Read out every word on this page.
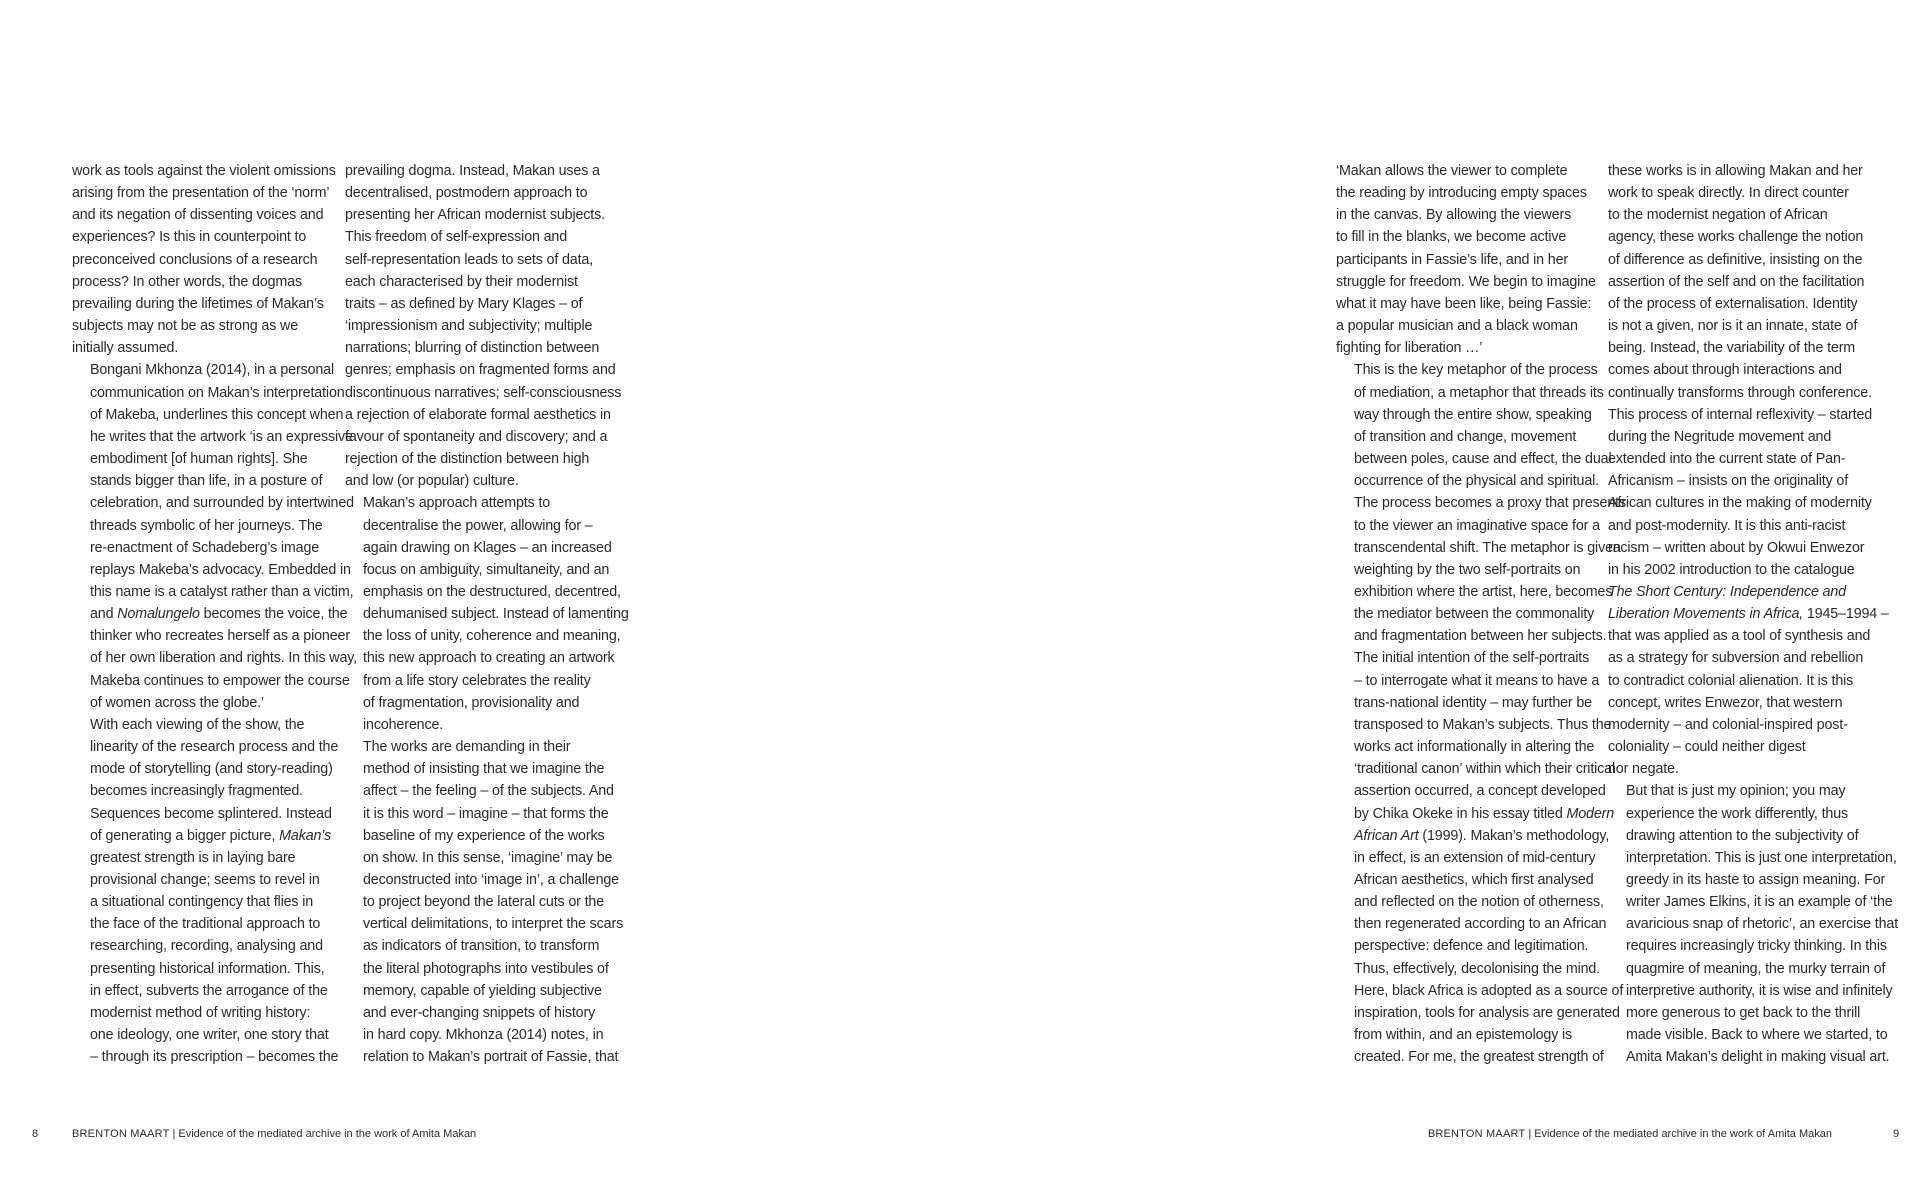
work as tools against the violent omissions
arising from the presentation of the ‘norm’
and its negation of dissenting voices and
experiences? Is this in counterpoint to
preconceived conclusions of a research
process? In other words, the dogmas
prevailing during the lifetimes of Makan’s
subjects may not be as strong as we
initially assumed.

Bongani Mkhonza (2014), in a personal
communication on Makan’s interpretation
of Makeba, underlines this concept when
he writes that the artwork ‘is an expressive
embodiment [of human rights]. She
stands bigger than life, in a posture of
celebration, and surrounded by intertwined
threads symbolic of her journeys. The
re-enactment of Schadeberg’s image
replays Makeba’s advocacy. Embedded in
this name is a catalyst rather than a victim,
and Nomalungelo becomes the voice, the
thinker who recreates herself as a pioneer
of her own liberation and rights. In this way,
Makeba continues to empower the course
of women across the globe.’

With each viewing of the show, the
linearity of the research process and the
mode of storytelling (and story-reading)
becomes increasingly fragmented.
Sequences become splintered. Instead
of generating a bigger picture, Makan’s
greatest strength is in laying bare
provisional change; seems to revel in
a situational contingency that flies in
the face of the traditional approach to
researching, recording, analysing and
presenting historical information. This,
in effect, subverts the arrogance of the
modernist method of writing history:
one ideology, one writer, one story that
– through its prescription – becomes the

prevailing dogma. Instead, Makan uses a
decentralised, postmodern approach to
presenting her African modernist subjects.
This freedom of self-expression and
self-representation leads to sets of data,
each characterised by their modernist
traits – as defined by Mary Klages – of
‘impressionism and subjectivity; multiple
narrations; blurring of distinction between
genres; emphasis on fragmented forms and
discontinuous narratives; self-consciousness
a rejection of elaborate formal aesthetics in
favour of spontaneity and discovery; and a
rejection of the distinction between high
and low (or popular) culture.

Makan’s approach attempts to
decentralise the power, allowing for –
again drawing on Klages – an increased
focus on ambiguity, simultaneity, and an
emphasis on the destructured, decentred,
dehumanised subject. Instead of lamenting
the loss of unity, coherence and meaning,
this new approach to creating an artwork
from a life story celebrates the reality
of fragmentation, provisionality and
incoherence.

The works are demanding in their
method of insisting that we imagine the
affect – the feeling – of the subjects. And
it is this word – imagine – that forms the
baseline of my experience of the works
on show. In this sense, ‘imagine’ may be
deconstructed into ‘image in’, a challenge
to project beyond the lateral cuts or the
vertical delimitations, to interpret the scars
as indicators of transition, to transform
the literal photographs into vestibules of
memory, capable of yielding subjective
and ever-changing snippets of history
in hard copy. Mkhonza (2014) notes, in
relation to Makan’s portrait of Fassie, that

‘Makan allows the viewer to complete
the reading by introducing empty spaces
in the canvas. By allowing the viewers
to fill in the blanks, we become active
participants in Fassie’s life, and in her
struggle for freedom. We begin to imagine
what it may have been like, being Fassie:
a popular musician and a black woman
fighting for liberation …’

This is the key metaphor of the process
of mediation, a metaphor that threads its
way through the entire show, speaking
of transition and change, movement
between poles, cause and effect, the dual
occurrence of the physical and spiritual.
The process becomes a proxy that presents
to the viewer an imaginative space for a
transcendental shift. The metaphor is given
weighting by the two self-portraits on
exhibition where the artist, here, becomes
the mediator between the commonality
and fragmentation between her subjects.

The initial intention of the self-portraits
– to interrogate what it means to have a
trans-national identity – may further be
transposed to Makan’s subjects. Thus the
works act informationally in altering the
‘traditional canon’ within which their critical
assertion occurred, a concept developed
by Chika Okeke in his essay titled Modern
African Art (1999). Makan’s methodology,
in effect, is an extension of mid-century
African aesthetics, which first analysed
and reflected on the notion of otherness,
then regenerated according to an African
perspective: defence and legitimation.
Thus, effectively, decolonising the mind.
Here, black Africa is adopted as a source of
inspiration, tools for analysis are generated
from within, and an epistemology is
created. For me, the greatest strength of

these works is in allowing Makan and her
work to speak directly. In direct counter
to the modernist negation of African
agency, these works challenge the notion
of difference as definitive, insisting on the
assertion of the self and on the facilitation
of the process of externalisation. Identity
is not a given, nor is it an innate, state of
being. Instead, the variability of the term
comes about through interactions and
continually transforms through conference.
This process of internal reflexivity – started
during the Negritude movement and
extended into the current state of Pan-
Africanism – insists on the originality of
African cultures in the making of modernity
and post-modernity. It is this anti-racist
racism – written about by Okwui Enwezor
in his 2002 introduction to the catalogue
The Short Century: Independence and
Liberation Movements in Africa, 1945–1994 –
that was applied as a tool of synthesis and
as a strategy for subversion and rebellion
to contradict colonial alienation. It is this
concept, writes Enwezor, that western
modernity – and colonial-inspired post-
coloniality – could neither digest
nor negate.

But that is just my opinion; you may
experience the work differently, thus
drawing attention to the subjectivity of
interpretation. This is just one interpretation,
greedy in its haste to assign meaning. For
writer James Elkins, it is an example of ‘the
avaricious snap of rhetoric’, an exercise that
requires increasingly tricky thinking. In this
quagmire of meaning, the murky terrain of
interpretive authority, it is wise and infinitely
more generous to get back to the thrill
made visible. Back to where we started, to
Amita Makan’s delight in making visual art.

8	BRENTON MAART | Evidence of the mediated archive in the work of Amita Makan	BRENTON MAART | Evidence of the mediated archive in the work of Amita Makan	9
